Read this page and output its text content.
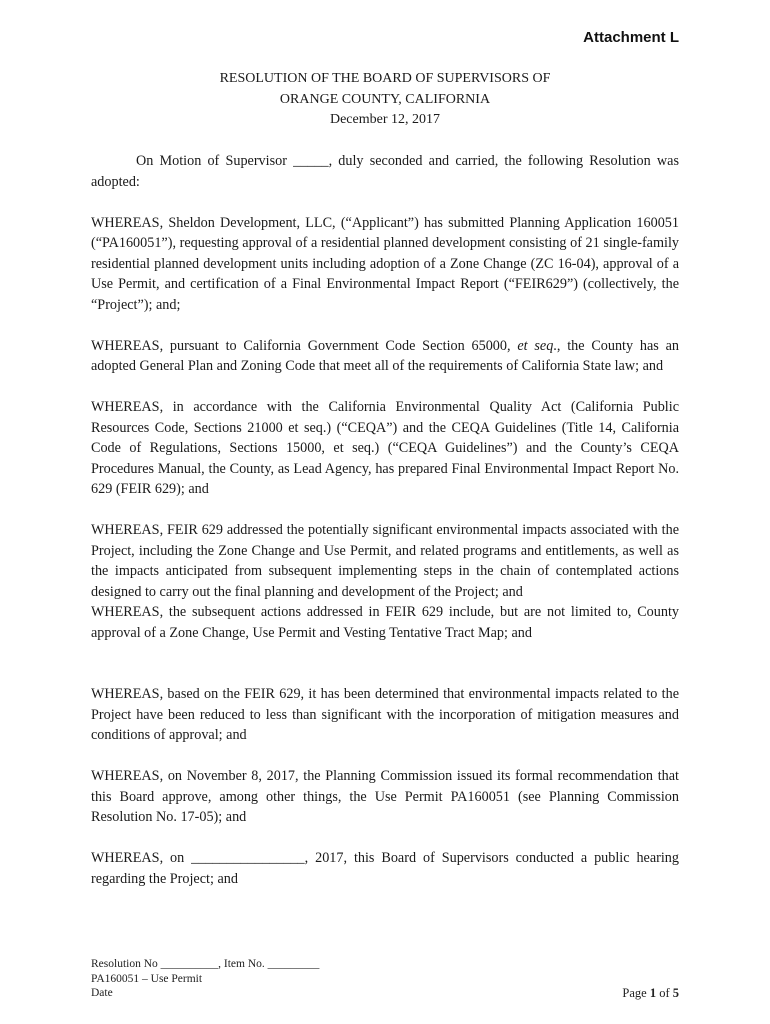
Attachment L
RESOLUTION OF THE BOARD OF SUPERVISORS OF
ORANGE COUNTY, CALIFORNIA
December 12, 2017

On Motion of Supervisor _____, duly seconded and carried, the following Resolution was adopted:

WHEREAS, Sheldon Development, LLC, (“Applicant”) has submitted Planning Application 160051 (“PA160051”), requesting approval of a residential planned development consisting of 21 single-family residential planned development units including adoption of a Zone Change (ZC 16-04), approval of a Use Permit, and certification of a Final Environmental Impact Report (“FEIR629”) (collectively, the “Project”); and;

WHEREAS, pursuant to California Government Code Section 65000, et seq., the County has an adopted General Plan and Zoning Code that meet all of the requirements of California State law; and

WHEREAS, in accordance with the California Environmental Quality Act (California Public Resources Code, Sections 21000 et seq.) (“CEQA”) and the CEQA Guidelines (Title 14, California Code of Regulations, Sections 15000, et seq.) (“CEQA Guidelines”) and the County’s CEQA Procedures Manual, the County, as Lead Agency, has prepared Final Environmental Impact Report No. 629 (FEIR 629); and

WHEREAS, FEIR 629 addressed the potentially significant environmental impacts associated with the Project, including the Zone Change and Use Permit, and related programs and entitlements, as well as the impacts anticipated from subsequent implementing steps in the chain of contemplated actions designed to carry out the final planning and development of the Project; and

WHEREAS, the subsequent actions addressed in FEIR 629 include, but are not limited to, County approval of a Zone Change, Use Permit and Vesting Tentative Tract Map; and

WHEREAS, based on the FEIR 629, it has been determined that environmental impacts related to the Project have been reduced to less than significant with the incorporation of mitigation measures and conditions of approval; and

WHEREAS, on November 8, 2017, the Planning Commission issued its formal recommendation that this Board approve, among other things, the Use Permit PA160051 (see Planning Commission Resolution No. 17-05); and

WHEREAS, on ________________, 2017, this Board of Supervisors conducted a public hearing regarding the Project; and

Resolution No __________, Item No. _________
PA160051 – Use Permit
Date	Page 1 of 5
